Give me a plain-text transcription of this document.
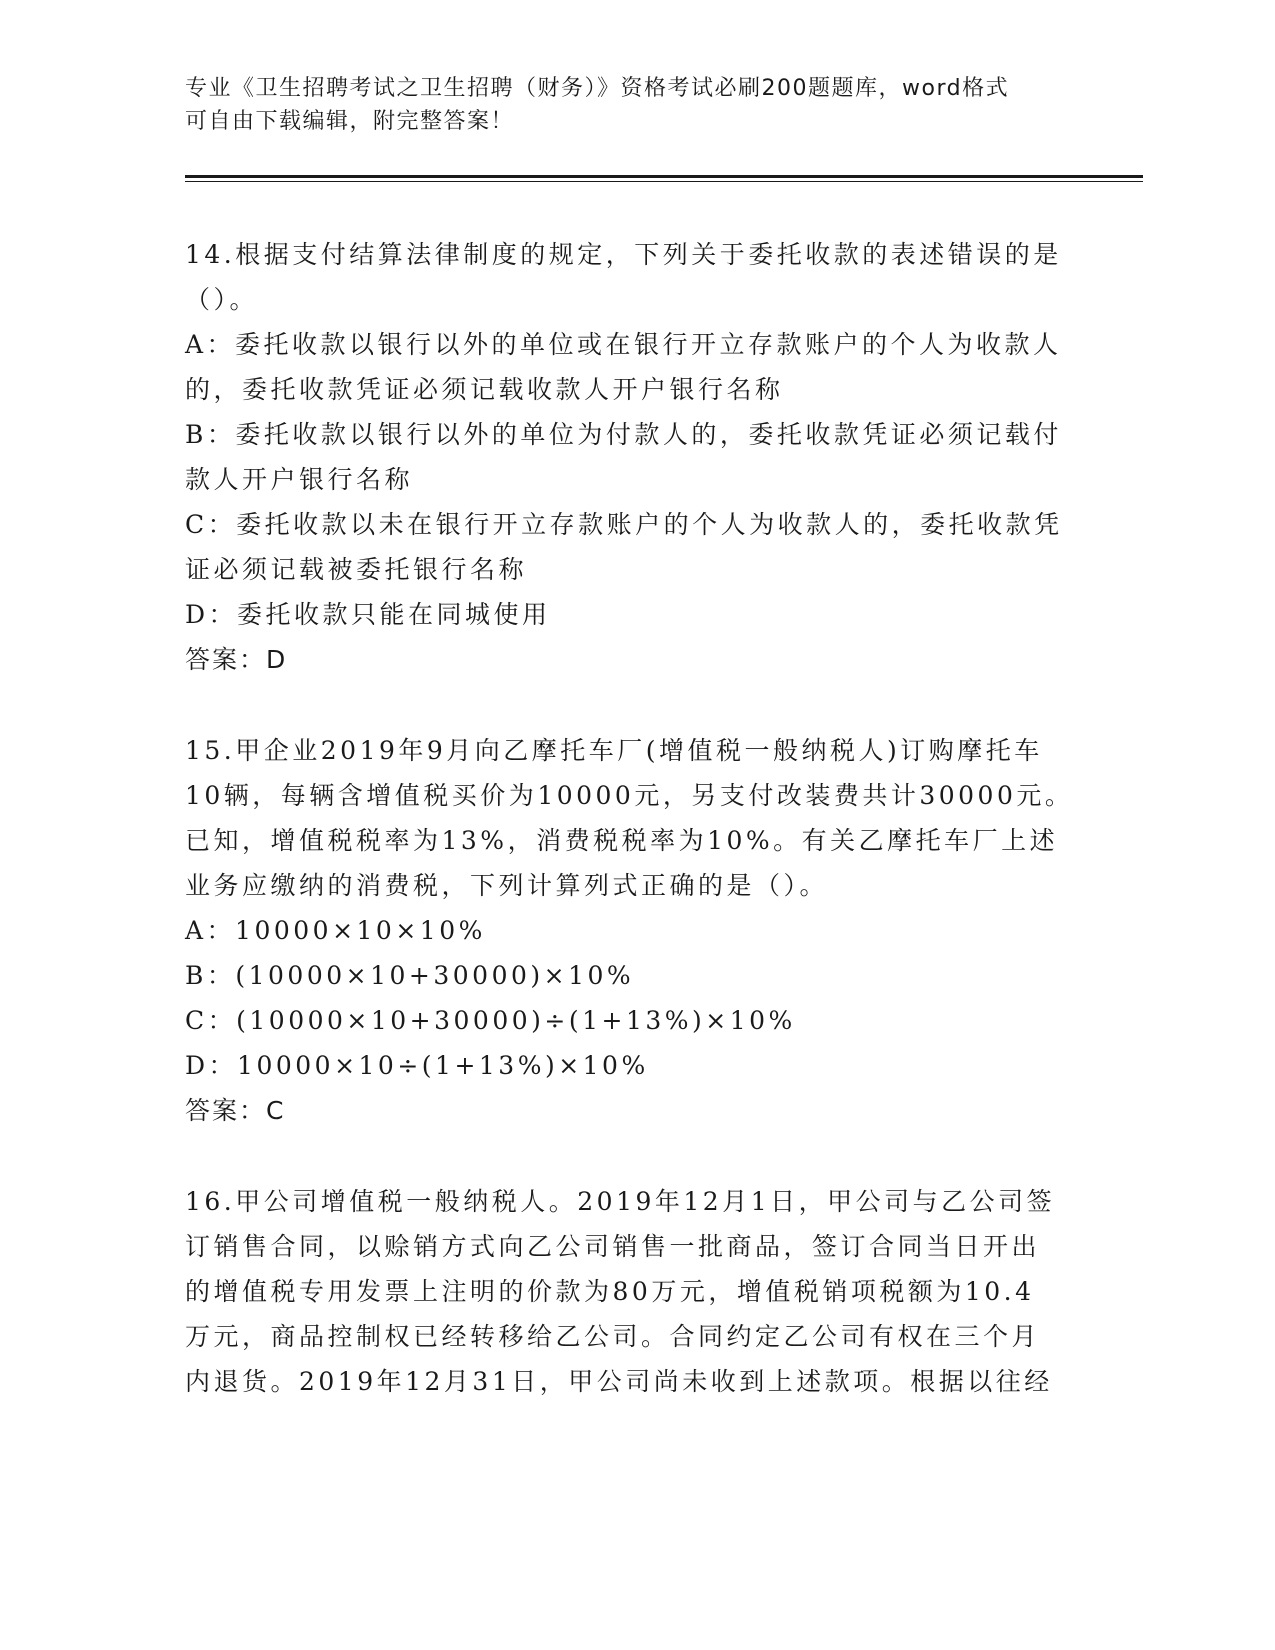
专业《卫生招聘考试之卫生招聘（财务）》资格考试必刷200题题库，word格式
可自由下载编辑，附完整答案！
14.根据支付结算法律制度的规定，下列关于委托收款的表述错误的是
（）。
A：委托收款以银行以外的单位或在银行开立存款账户的个人为收款人
的，委托收款凭证必须记载收款人开户银行名称
B：委托收款以银行以外的单位为付款人的，委托收款凭证必须记载付
款人开户银行名称
C：委托收款以未在银行开立存款账户的个人为收款人的，委托收款凭
证必须记载被委托银行名称
D：委托收款只能在同城使用
答案：D
15.甲企业2019年9月向乙摩托车厂(增值税一般纳税人)订购摩托车
10辆，每辆含增值税买价为10000元，另支付改装费共计30000元。
已知，增值税税率为13%，消费税税率为10%。有关乙摩托车厂上述
业务应缴纳的消费税，下列计算列式正确的是（）。
A：10000×10×10%
B：(10000×10+30000)×10%
C：(10000×10+30000)÷(1+13%)×10%
D：10000×10÷(1+13%)×10%
答案：C
16.甲公司增值税一般纳税人。2019年12月1日，甲公司与乙公司签
订销售合同，以赊销方式向乙公司销售一批商品，签订合同当日开出
的增值税专用发票上注明的价款为80万元，增值税销项税额为10.4
万元，商品控制权已经转移给乙公司。合同约定乙公司有权在三个月
内退货。2019年12月31日，甲公司尚未收到上述款项。根据以往经
